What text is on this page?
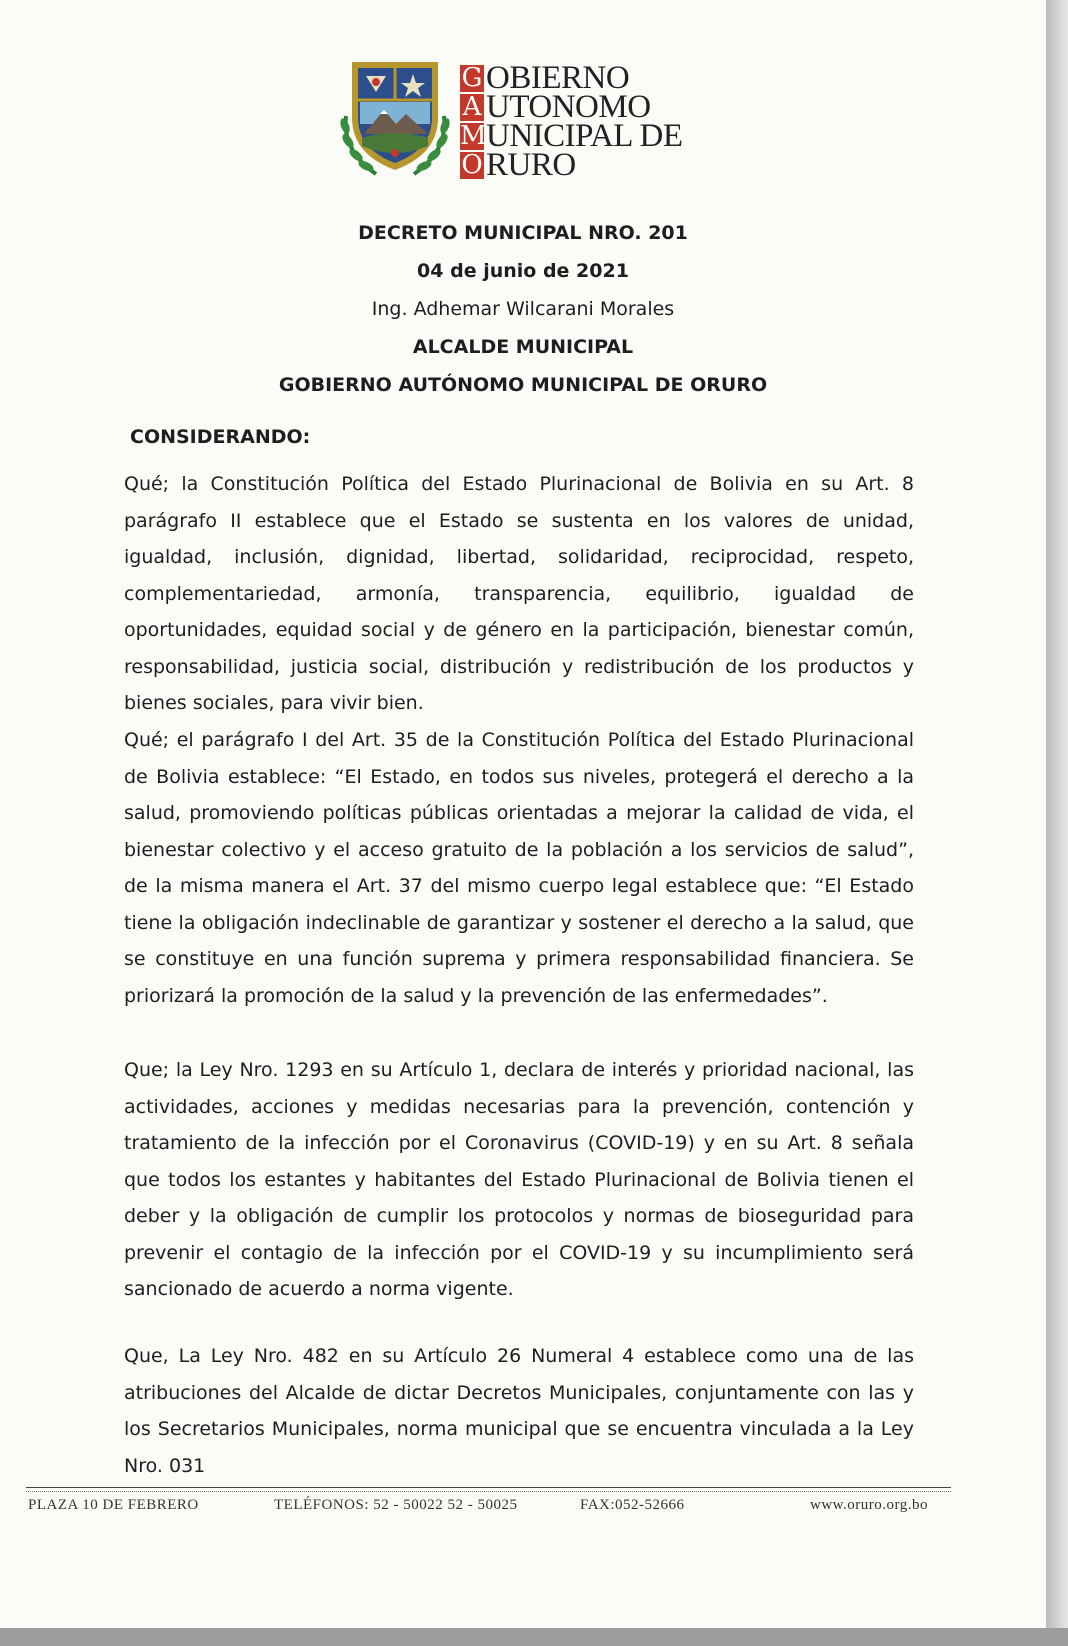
G OBIERNO
A UTONOMO
M UNICIPAL DE
O RURO
DECRETO MUNICIPAL NRO. 201
04 de junio de 2021
Ing. Adhemar Wilcarani Morales
ALCALDE MUNICIPAL
GOBIERNO AUTÓNOMO MUNICIPAL DE ORURO
CONSIDERANDO:

Qué; la Constitución Política del Estado Plurinacional de Bolivia en su Art. 8 parágrafo II establece que el Estado se sustenta en los valores de unidad, igualdad, inclusión, dignidad, libertad, solidaridad, reciprocidad, respeto, complementariedad, armonía, transparencia, equilibrio, igualdad de oportunidades, equidad social y de género en la participación, bienestar común, responsabilidad, justicia social, distribución y redistribución de los productos y bienes sociales, para vivir bien.

Qué; el parágrafo I del Art. 35 de la Constitución Política del Estado Plurinacional de Bolivia establece: “El Estado, en todos sus niveles, protegerá el derecho a la salud, promoviendo políticas públicas orientadas a mejorar la calidad de vida, el bienestar colectivo y el acceso gratuito de la población a los servicios de salud”, de la misma manera el Art. 37 del mismo cuerpo legal establece que: “El Estado tiene la obligación indeclinable de garantizar y sostener el derecho a la salud, que se constituye en una función suprema y primera responsabilidad financiera. Se priorizará la promoción de la salud y la prevención de las enfermedades”.

Que; la Ley Nro. 1293 en su Artículo 1, declara de interés y prioridad nacional, las actividades, acciones y medidas necesarias para la prevención, contención y tratamiento de la infección por el Coronavirus (COVID-19) y en su Art. 8 señala que todos los estantes y habitantes del Estado Plurinacional de Bolivia tienen el deber y la obligación de cumplir los protocolos y normas de bioseguridad para prevenir el contagio de la infección por el COVID-19 y su incumplimiento será sancionado de acuerdo a norma vigente.

Que, La Ley Nro. 482 en su Artículo 26 Numeral 4 establece como una de las atribuciones del Alcalde de dictar Decretos Municipales, conjuntamente con las y los Secretarios Municipales, norma municipal que se encuentra vinculada a la Ley Nro. 031

PLAZA 10 DE FEBRERO	TELÉFONOS: 52 - 50022 52 - 50025	FAX:052-52666	www.oruro.org.bo
